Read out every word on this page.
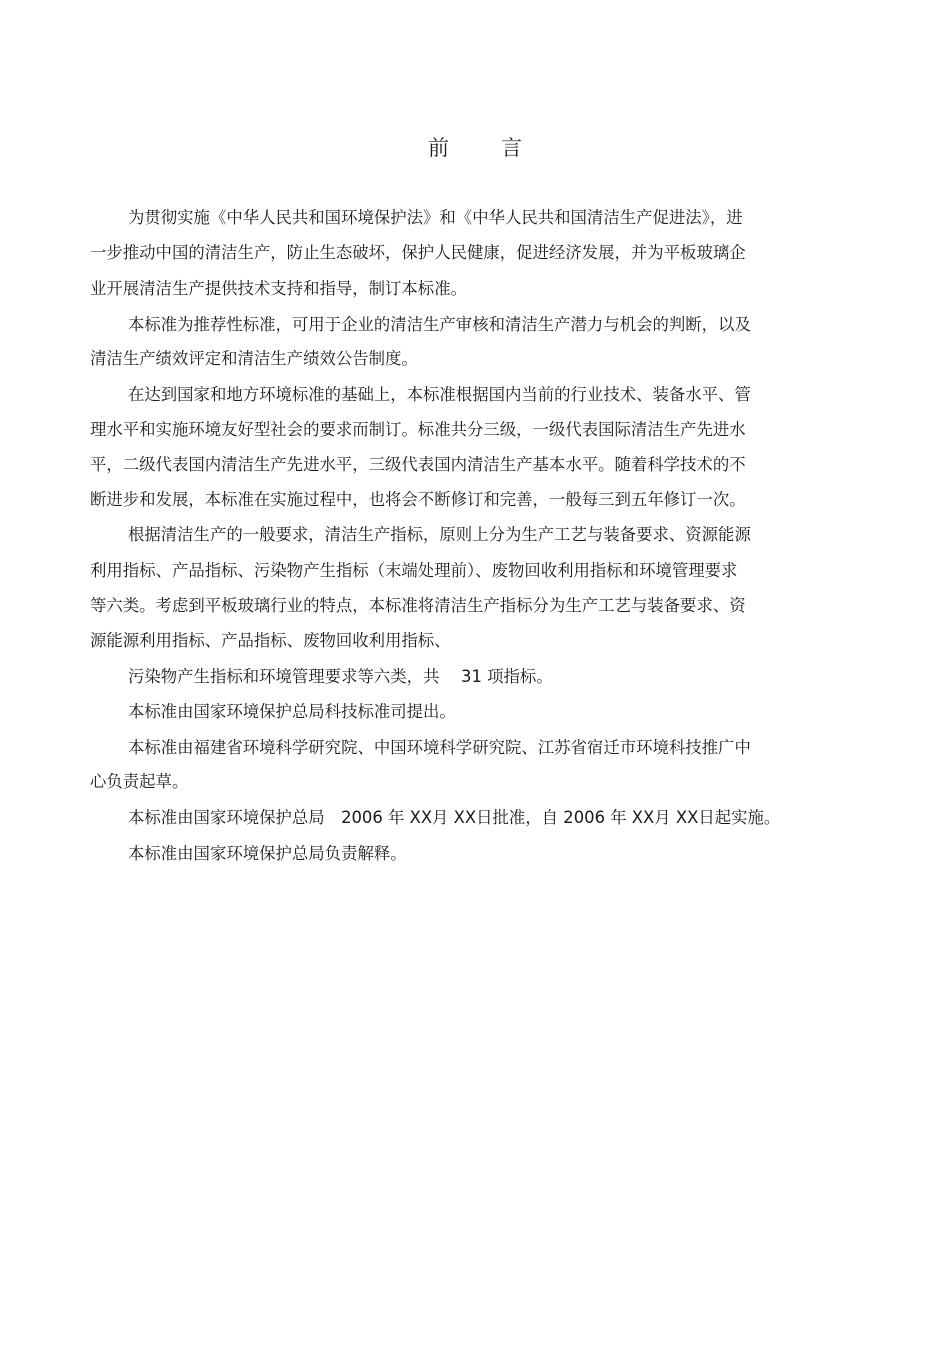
前 言
为贯彻实施《中华人民共和国环境保护法》和《中华人民共和国清洁生产促进法》，进
一步推动中国的清洁生产，防止生态破坏，保护人民健康，促进经济发展，并为平板玻璃企
业开展清洁生产提供技术支持和指导，制订本标准。
本标准为推荐性标准，可用于企业的清洁生产审核和清洁生产潜力与机会的判断，以及
清洁生产绩效评定和清洁生产绩效公告制度。
在达到国家和地方环境标准的基础上，本标准根据国内当前的行业技术、装备水平、管
理水平和实施环境友好型社会的要求而制订。标准共分三级，一级代表国际清洁生产先进水
平，二级代表国内清洁生产先进水平，三级代表国内清洁生产基本水平。随着科学技术的不
断进步和发展，本标准在实施过程中，也将会不断修订和完善，一般每三到五年修订一次。
根据清洁生产的一般要求，清洁生产指标，原则上分为生产工艺与装备要求、资源能源
利用指标、产品指标、污染物产生指标（末端处理前）、废物回收利用指标和环境管理要求
等六类。考虑到平板玻璃行业的特点，本标准将清洁生产指标分为生产工艺与装备要求、资
源能源利用指标、产品指标、废物回收利用指标、
污染物产生指标和环境管理要求等六类，共　 31 项指标。
本标准由国家环境保护总局科技标准司提出。
本标准由福建省环境科学研究院、中国环境科学研究院、江苏省宿迁市环境科技推广中
心负责起草。
本标准由国家环境保护总局　2006 年 XX月 XX日批准，自 2006 年 XX月 XX日起实施。
本标准由国家环境保护总局负责解释。
